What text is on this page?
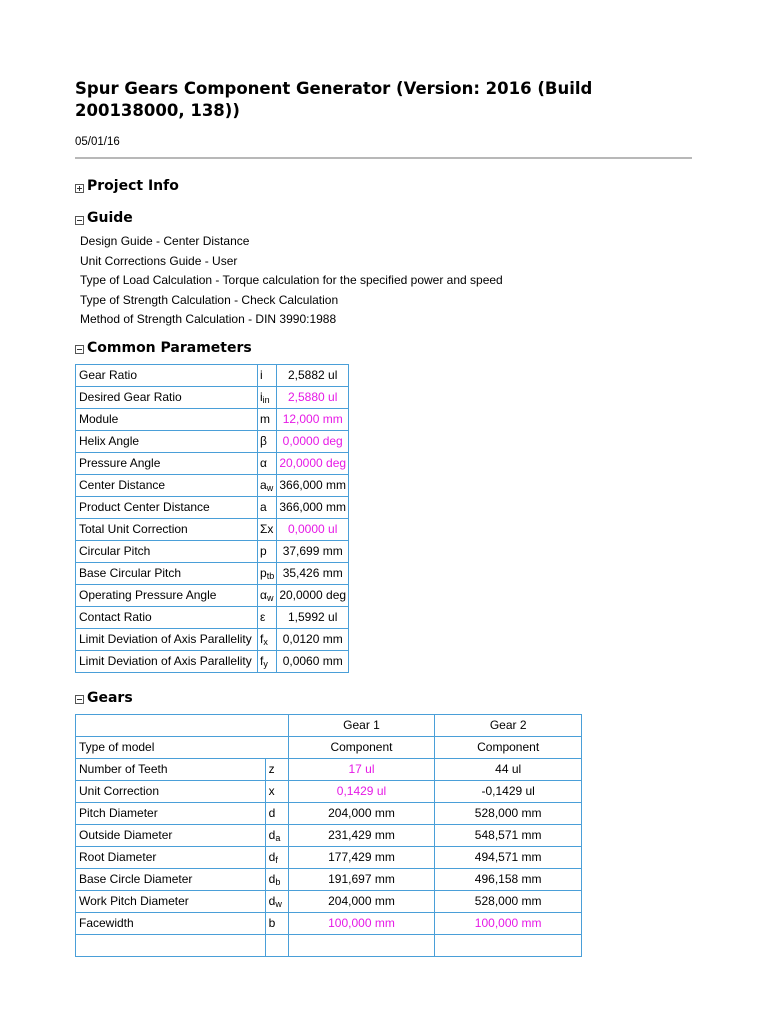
Spur Gears Component Generator (Version: 2016 (Build 200138000, 138))
05/01/16
Project Info
Guide
Design Guide - Center Distance
Unit Corrections Guide - User
Type of Load Calculation - Torque calculation for the specified power and speed
Type of Strength Calculation - Check Calculation
Method of Strength Calculation - DIN 3990:1988
Common Parameters
Gear Ratio	i	2,5882 ul
Desired Gear Ratio	$i_{in}$	2,5880 ul
Module	m	12,000 mm
Helix Angle	β	0,0000 deg
Pressure Angle	α	20,0000 deg
Center Distance	$a_w$	366,000 mm
Product Center Distance	a	366,000 mm
Total Unit Correction	Σx	0,0000 ul
Circular Pitch	p	37,699 mm
Base Circular Pitch	$p_{tb}$	35,426 mm
Operating Pressure Angle	$\alpha_w$	20,0000 deg
Contact Ratio	ε	1,5992 ul
Limit Deviation of Axis Parallelity	$f_x$	0,0120 mm
Limit Deviation of Axis Parallelity	$f_y$	0,0060 mm
Gears
		Gear 1	Gear 2
Type of model		Component	Component
Number of Teeth	z	17 ul	44 ul
Unit Correction	x	0,1429 ul	-0,1429 ul
Pitch Diameter	d	204,000 mm	528,000 mm
Outside Diameter	$d_a$	231,429 mm	548,571 mm
Root Diameter	$d_f$	177,429 mm	494,571 mm
Base Circle Diameter	$d_b$	191,697 mm	496,158 mm
Work Pitch Diameter	$d_w$	204,000 mm	528,000 mm
Facewidth	b	100,000 mm	100,000 mm
